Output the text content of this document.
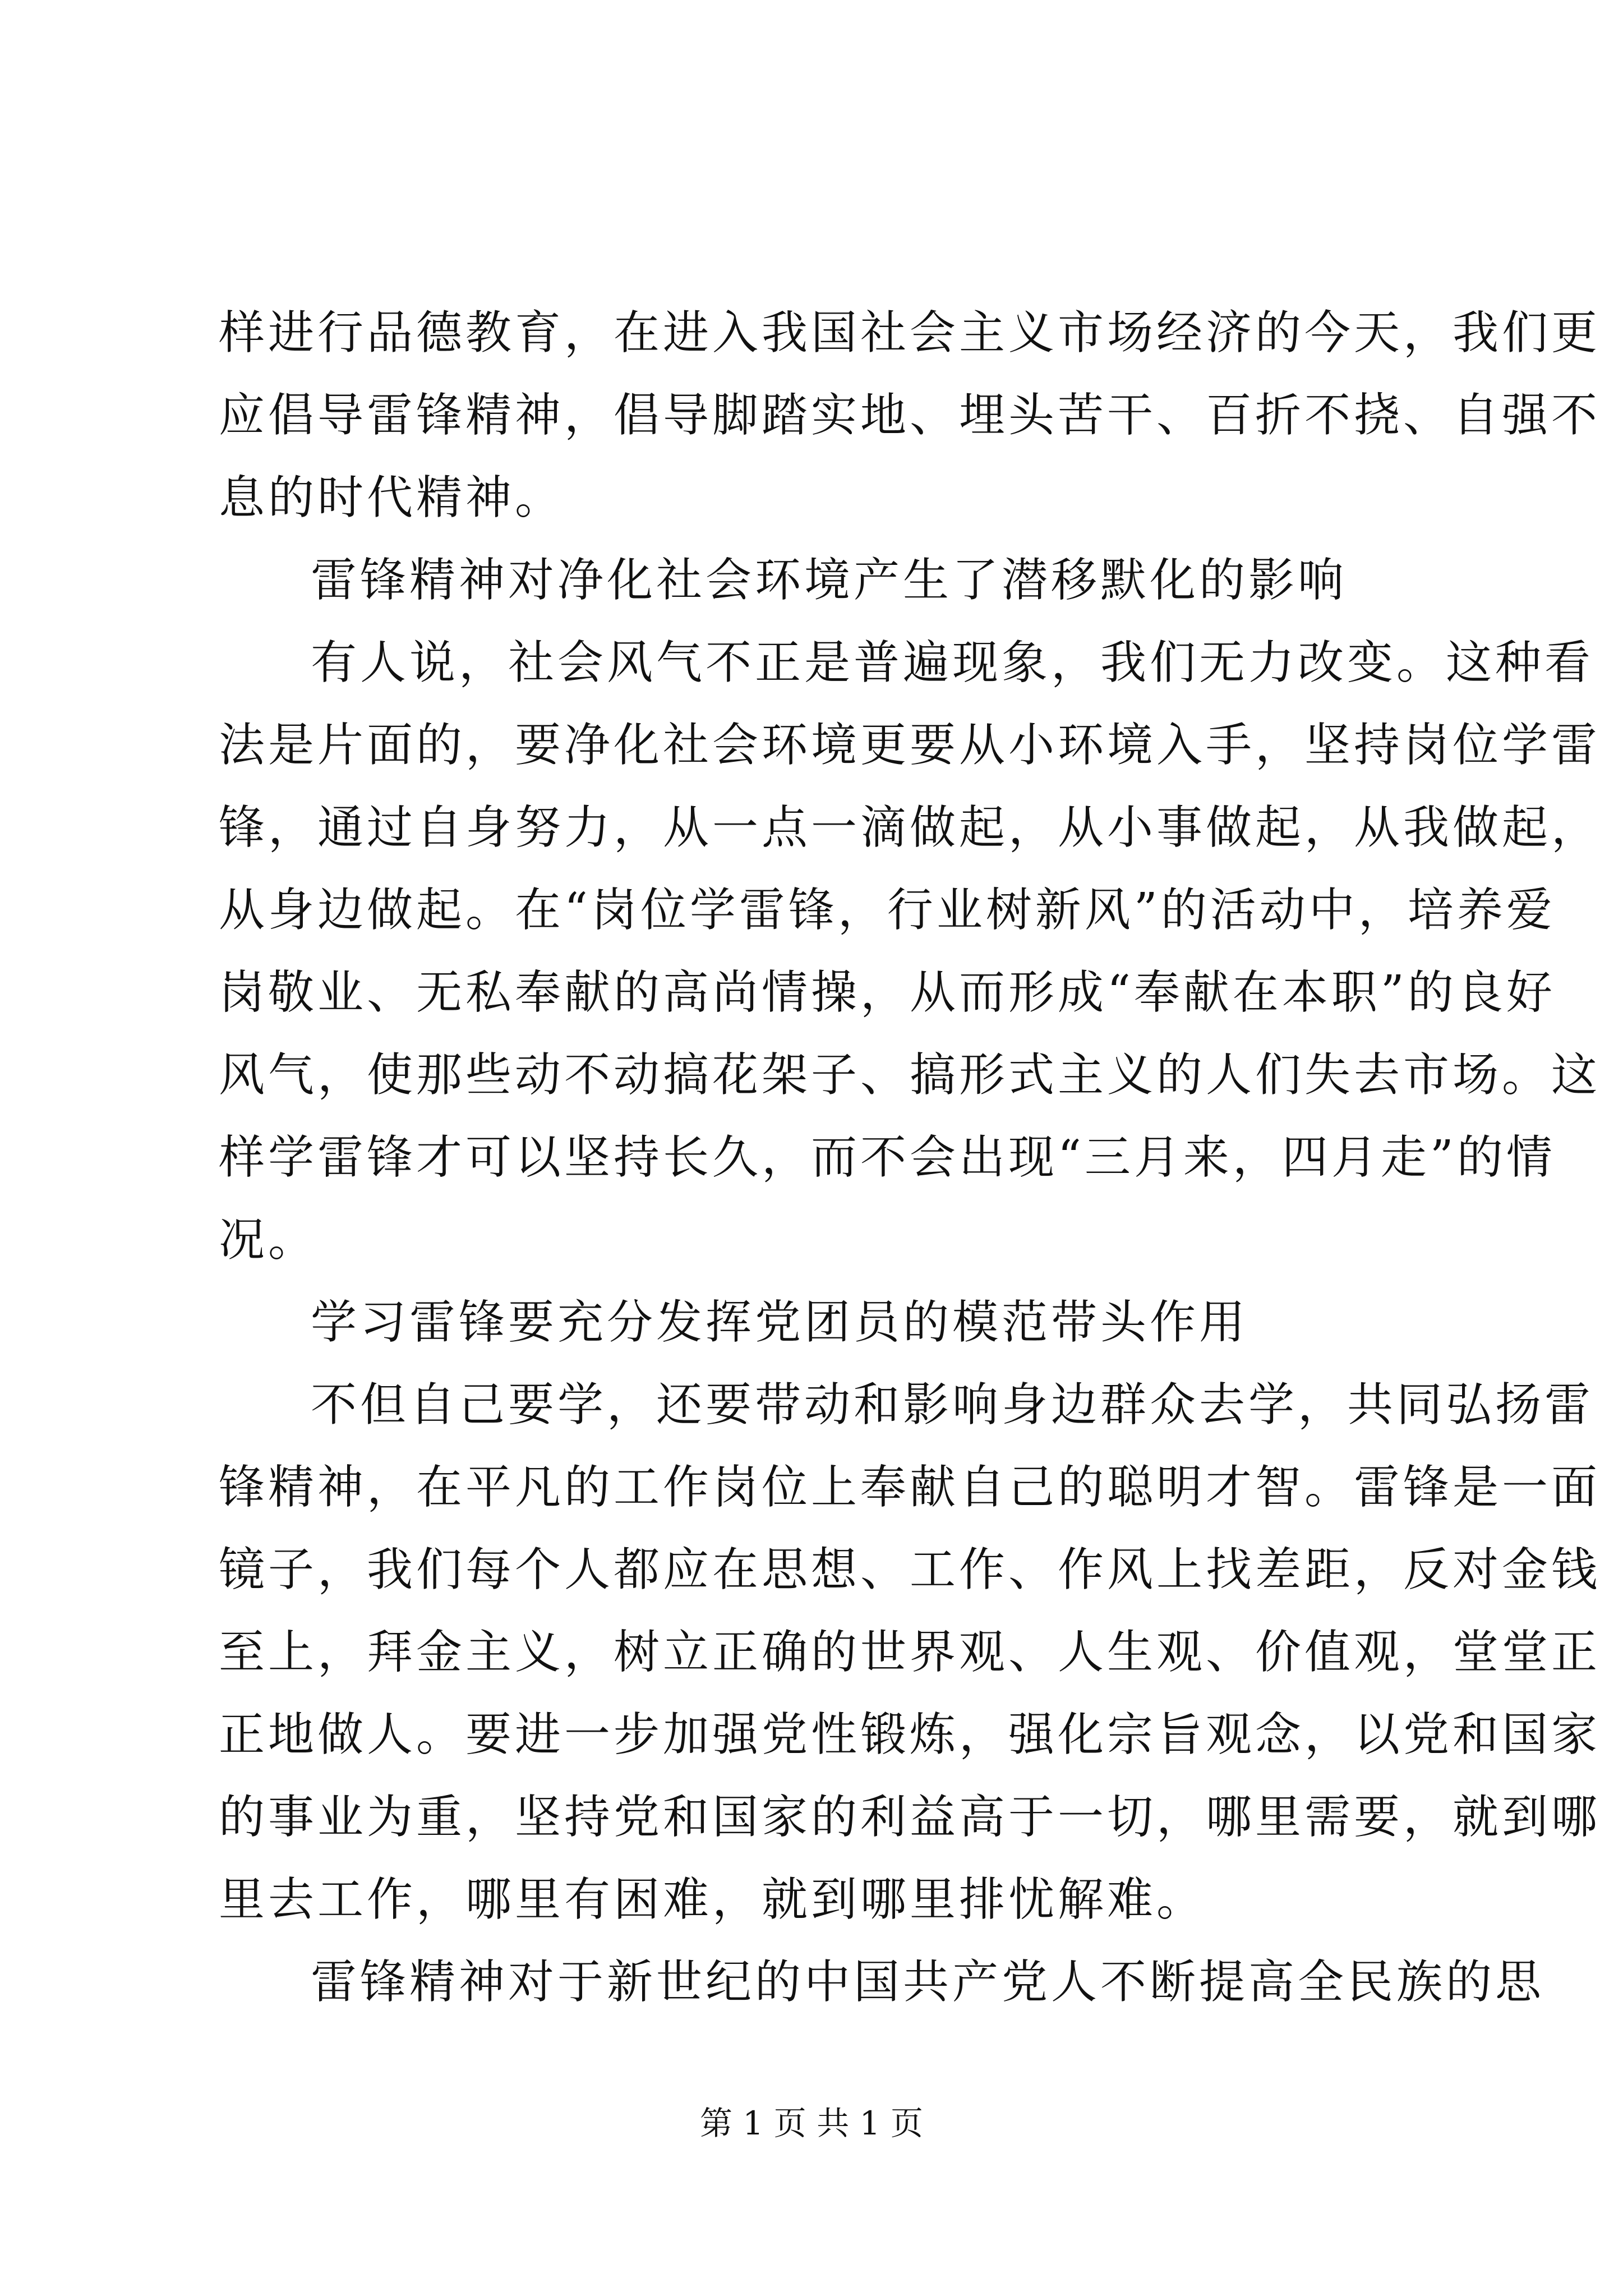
样进行品德教育，在进入我国社会主义市场经济的今天，我们更
应倡导雷锋精神，倡导脚踏实地、埋头苦干、百折不挠、自强不
息的时代精神。
雷锋精神对净化社会环境产生了潜移默化的影响
有人说，社会风气不正是普遍现象，我们无力改变。这种看
法是片面的，要净化社会环境更要从小环境入手，坚持岗位学雷
锋，通过自身努力，从一点一滴做起，从小事做起，从我做起，
从身边做起。在“岗位学雷锋，行业树新风”的活动中，培养爱
岗敬业、无私奉献的高尚情操，从而形成“奉献在本职”的良好
风气，使那些动不动搞花架子、搞形式主义的人们失去市场。这
样学雷锋才可以坚持长久，而不会出现“三月来，四月走”的情
况。
学习雷锋要充分发挥党团员的模范带头作用
不但自己要学，还要带动和影响身边群众去学，共同弘扬雷
锋精神，在平凡的工作岗位上奉献自己的聪明才智。雷锋是一面
镜子，我们每个人都应在思想、工作、作风上找差距，反对金钱
至上，拜金主义，树立正确的世界观、人生观、价值观，堂堂正
正地做人。要进一步加强党性锻炼，强化宗旨观念，以党和国家
的事业为重，坚持党和国家的利益高于一切，哪里需要，就到哪
里去工作，哪里有困难，就到哪里排忧解难。
雷锋精神对于新世纪的中国共产党人不断提高全民族的思
第 1 页 共 1 页
